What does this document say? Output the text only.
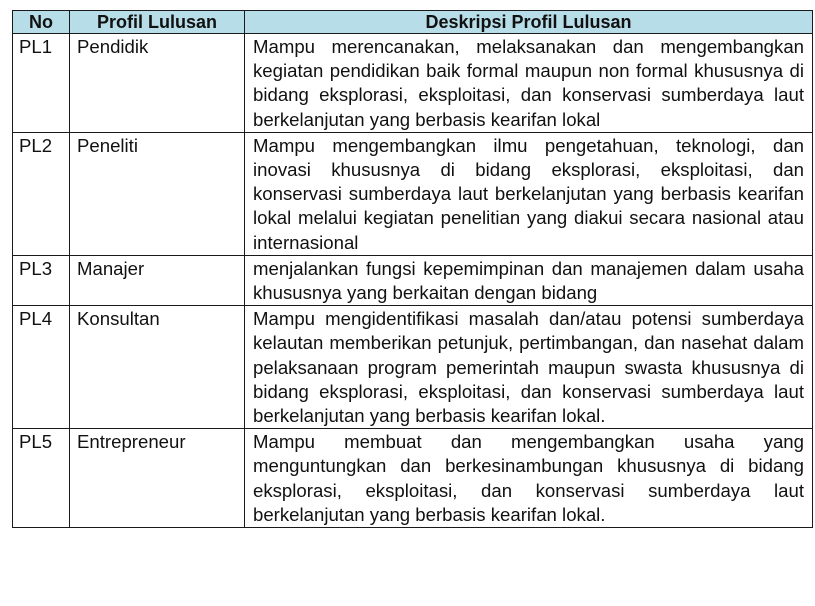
No	Profil Lulusan	Deskripsi Profil Lulusan
PL1	Pendidik	Mampu merencanakan, melaksanakan dan mengembangkan kegiatan pendidikan baik formal maupun non formal khususnya di bidang eksplorasi, eksploitasi, dan konservasi sumberdaya laut berkelanjutan yang berbasis kearifan lokal
PL2	Peneliti	Mampu mengembangkan ilmu pengetahuan, teknologi, dan inovasi khususnya di bidang eksplorasi, eksploitasi, dan konservasi sumberdaya laut berkelanjutan yang berbasis kearifan lokal melalui kegiatan penelitian yang diakui secara nasional atau internasional
PL3	Manajer	menjalankan fungsi kepemimpinan dan manajemen dalam usaha khususnya yang berkaitan dengan bidang
PL4	Konsultan	Mampu mengidentifikasi masalah dan/atau potensi sumberdaya kelautan memberikan petunjuk, pertimbangan, dan nasehat dalam pelaksanaan program pemerintah maupun swasta khususnya di bidang eksplorasi, eksploitasi, dan konservasi sumberdaya laut berkelanjutan yang berbasis kearifan lokal.
PL5	Entrepreneur	Mampu membuat dan mengembangkan usaha yang menguntungkan dan berkesinambungan khususnya di bidang eksplorasi, eksploitasi, dan konservasi sumberdaya laut berkelanjutan yang berbasis kearifan lokal.
